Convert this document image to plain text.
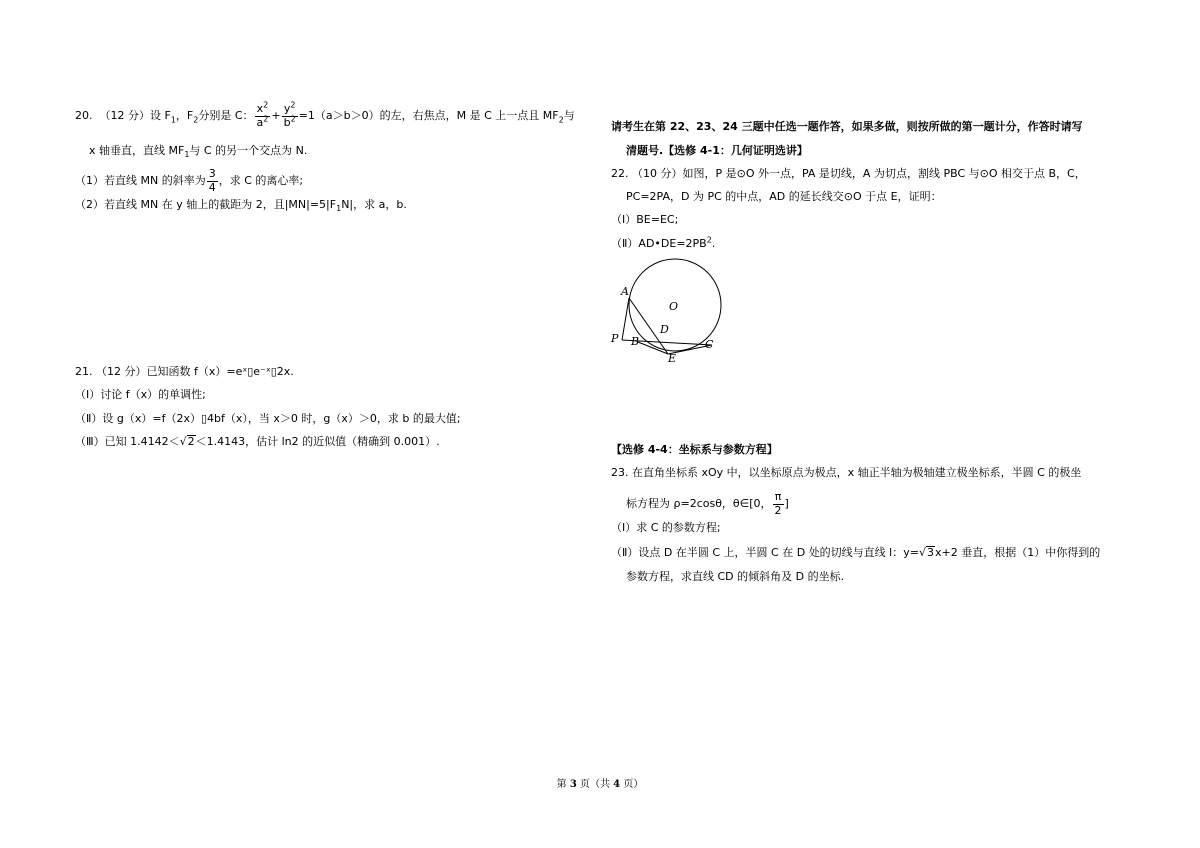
20. （12 分）设 $F_1$，$F_2$分别是 C： $\frac{x^2}{a^2} + \frac{y^2}{b^2} =1(a>b>0)$的左，右焦点，M 是 C 上一点且 $MF_2$与
x 轴垂直，直线 $MF_1$与 C 的另一个交点为 N.
（1）若直线 MN 的斜率为 $\frac{3}{4}$ ，求 C 的离心率;
（2）若直线 MN 在 y 轴上的截距为 2，且$|MN|=5|F_1N|$，求 a，b.
21. （12 分）已知函数 f（x）=eˣ▯e⁻ˣ▯2x.
（Ⅰ）讨论 f（x）的单调性;
（Ⅱ）设 g（x）=f（2x）▯4bf（x），当 x＞0 时，g（x）＞0，求 b 的最大值;
（Ⅲ）已知 1.4142＜√2＜1.4143，估计 ln2 的近似值（精确到 0.001）.
请考生在第 22、23、24 三题中任选一题作答，如果多做，则按所做的第一题计分，作答时请写
清题号.【选修 4-1：几何证明选讲】
22. （10 分）如图，P 是⊙O 外一点，PA 是切线，A 为切点，割线 PBC 与⊙O 相交于点 B，C，
PC=2PA，D 为 PC 的中点，AD 的延长线交⊙O 于点 E，证明：
（Ⅰ）BE=EC;
$(Ⅱ)AD•DE=2PB^2$.
A
O
D
P B
E
C
【选修 4-4：坐标系与参数方程】
23. 在直角坐标系 xOy 中，以坐标原点为极点，x 轴正半轴为极轴建立极坐标系，半圆 C 的极坐
标方程为 ρ=2cosθ，θ∈[0， $\frac{\pi}{2}$ ]
（Ⅰ）求 C 的参数方程;
（Ⅱ）设点 D 在半圆 C 上，半圆 C 在 D 处的切线与直线 l：y=√3x+2 垂直，根据（1）中你得到的
参数方程，求直线 CD 的倾斜角及 D 的坐标.
第 3 页（共 4 页）
